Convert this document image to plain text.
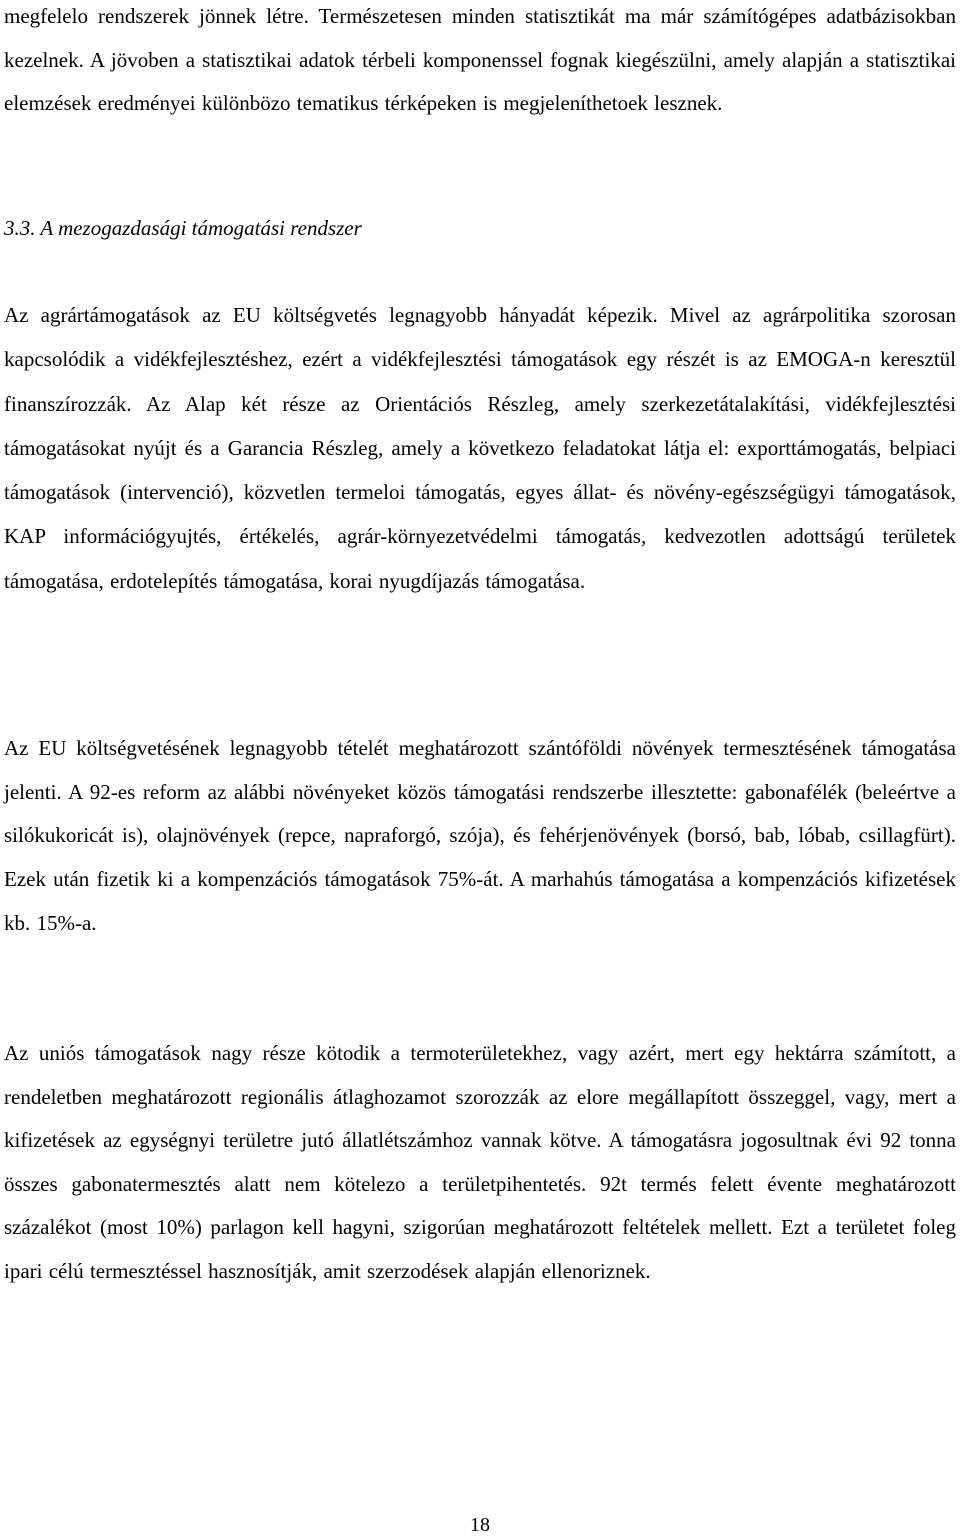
megfelelo rendszerek jönnek létre. Természetesen minden statisztikát ma már számítógépes adatbázisokban kezelnek. A jövoben a statisztikai adatok térbeli komponenssel fognak kiegészülni, amely alapján a statisztikai elemzések eredményei különbözo tematikus térképeken is megjeleníthetoek lesznek.

3.3. A mezogazdasági támogatási rendszer

Az agrártámogatások az EU költségvetés legnagyobb hányadát képezik. Mivel az agrárpolitika szorosan kapcsolódik a vidékfejlesztéshez, ezért a vidékfejlesztési támogatások egy részét is az EMOGA-n keresztül finanszírozzák. Az Alap két része az Orientációs Részleg, amely szerkezetátalakítási, vidékfejlesztési támogatásokat nyújt és a Garancia Részleg, amely a következo feladatokat látja el: exporttámogatás, belpiaci támogatások (intervenció), közvetlen termeloi támogatás, egyes állat- és növény-egészségügyi támogatások, KAP információgyujtés, értékelés, agrár-környezetvédelmi támogatás, kedvezotlen adottságú területek támogatása, erdotelepítés támogatása, korai nyugdíjazás támogatása.

Az EU költségvetésének legnagyobb tételét meghatározott szántóföldi növények termesztésének támogatása jelenti. A 92-es reform az alábbi növényeket közös támogatási rendszerbe illesztette: gabonafélék (beleértve a silókukoricát is), olajnövények (repce, napraforgó, szója), és fehérjenövények (borsó, bab, lóbab, csillagfürt). Ezek után fizetik ki a kompenzációs támogatások 75%-át. A marhahús támogatása a kompenzációs kifizetések kb. 15%-a.

Az uniós támogatások nagy része kötodik a termoterületekhez, vagy azért, mert egy hektárra számított, a rendeletben meghatározott regionális átlaghozamot szorozzák az elore megállapított összeggel, vagy, mert a kifizetések az egységnyi területre jutó állatlétszámhoz vannak kötve. A támogatásra jogosultnak évi 92 tonna összes gabonatermesztés alatt nem kötelezo a területpihentetés. 92t termés felett évente meghatározott százalékot (most 10%) parlagon kell hagyni, szigorúan meghatározott feltételek mellett. Ezt a területet foleg ipari célú termesztéssel hasznosítják, amit szerzodések alapján ellenoriznek.

18
